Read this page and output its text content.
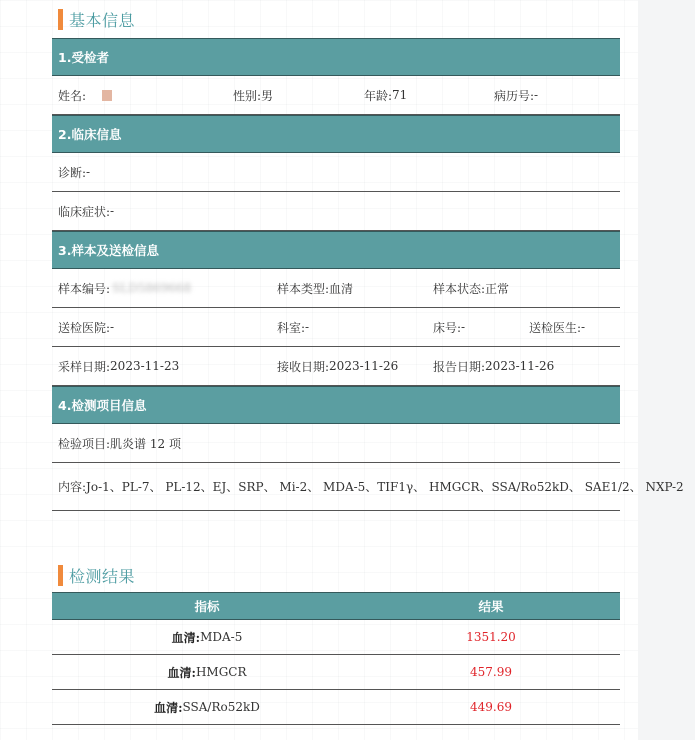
基本信息
1.受检者
姓名:	性别: 男	年龄: 71	病历号: -
2.临床信息
诊断: -
临床症状: -
3.样本及送检信息
样本编号: SLD5869668	样本类型: 血清	样本状态: 正常
送检医院: -	科室: -	床号: -	送检医生: -
采样日期: 2023-11-23	接收日期: 2023-11-26	报告日期: 2023-11-26
4.检测项目信息
检验项目: 肌炎谱 12 项
内容: Jo-1、PL-7、 PL-12、EJ、SRP、 Mi-2、 MDA-5、TIF1γ、 HMGCR、SSA/Ro52kD、 SAE1/2、 NXP-2
检测结果
指标	结果
血清: MDA-5	1351.20
血清: HMGCR	457.99
血清: SSA/Ro52kD	449.69
